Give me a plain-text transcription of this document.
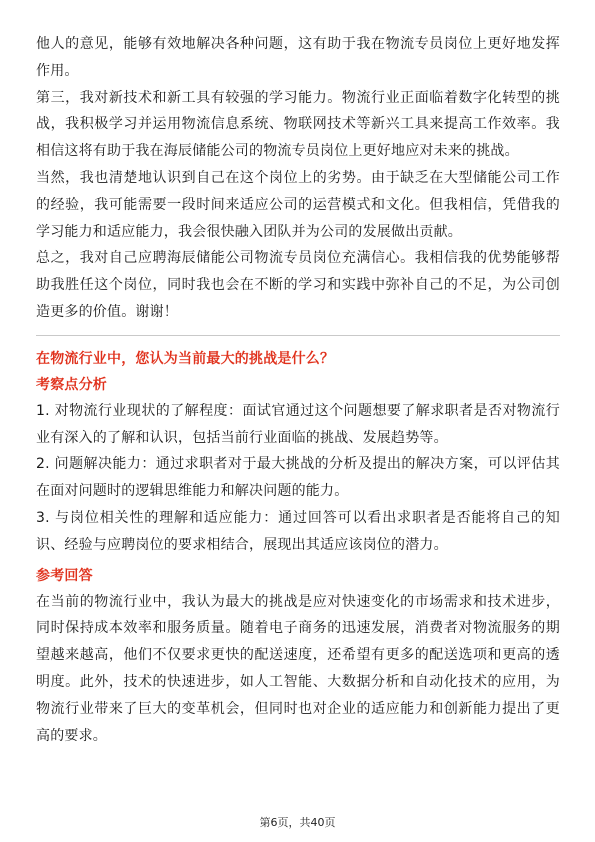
他人的意见，能够有效地解决各种问题，这有助于我在物流专员岗位上更好地发挥作用。

第三，我对新技术和新工具有较强的学习能力。物流行业正面临着数字化转型的挑战，我积极学习并运用物流信息系统、物联网技术等新兴工具来提高工作效率。我相信这将有助于我在海辰储能公司的物流专员岗位上更好地应对未来的挑战。

当然，我也清楚地认识到自己在这个岗位上的劣势。由于缺乏在大型储能公司工作的经验，我可能需要一段时间来适应公司的运营模式和文化。但我相信，凭借我的学习能力和适应能力，我会很快融入团队并为公司的发展做出贡献。

总之，我对自己应聘海辰储能公司物流专员岗位充满信心。我相信我的优势能够帮助我胜任这个岗位，同时我也会在不断的学习和实践中弥补自己的不足，为公司创造更多的价值。谢谢！

在物流行业中，您认为当前最大的挑战是什么？

考察点分析

1. 对物流行业现状的了解程度：面试官通过这个问题想要了解求职者是否对物流行业有深入的了解和认识，包括当前行业面临的挑战、发展趋势等。

2. 问题解决能力：通过求职者对于最大挑战的分析及提出的解决方案，可以评估其在面对问题时的逻辑思维能力和解决问题的能力。

3. 与岗位相关性的理解和适应能力：通过回答可以看出求职者是否能将自己的知识、经验与应聘岗位的要求相结合，展现出其适应该岗位的潜力。

参考回答

在当前的物流行业中，我认为最大的挑战是应对快速变化的市场需求和技术进步，同时保持成本效率和服务质量。随着电子商务的迅速发展，消费者对物流服务的期望越来越高，他们不仅要求更快的配送速度，还希望有更多的配送选项和更高的透明度。此外，技术的快速进步，如人工智能、大数据分析和自动化技术的应用，为物流行业带来了巨大的变革机会，但同时也对企业的适应能力和创新能力提出了更高的要求。

第6页，共40页
